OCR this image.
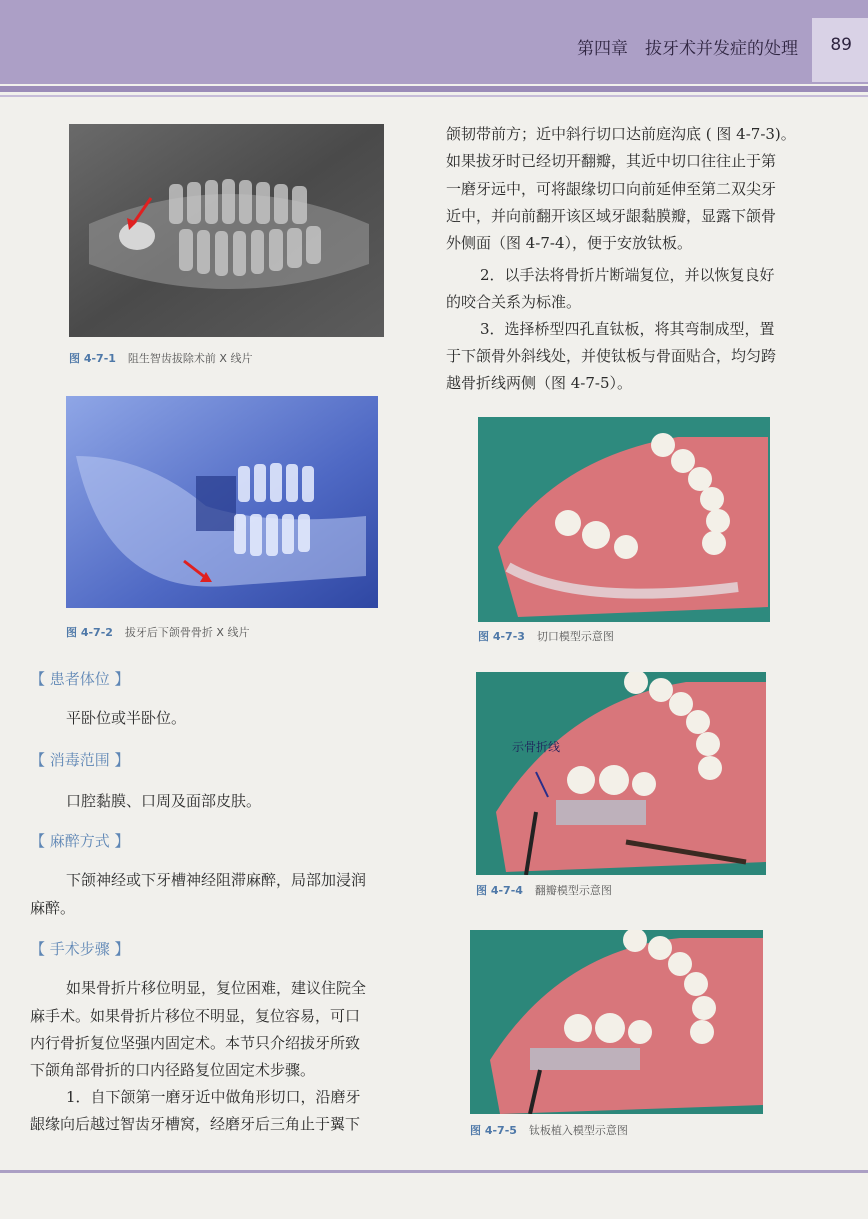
第四章　拔牙术并发症的处理 89
图 4-7-1 阻生智齿拔除术前 X 线片
图 4-7-2 拔牙后下颌骨骨折 X 线片
颌韧带前方；近中斜行切口达前庭沟底 ( 图 4-7-3)。
如果拔牙时已经切开翻瓣，其近中切口往往止于第
一磨牙远中，可将龈缘切口向前延伸至第二双尖牙
近中，并向前翻开该区域牙龈黏膜瓣，显露下颌骨
外侧面（图 4-7-4），便于安放钛板。
2．以手法将骨折片断端复位，并以恢复良好
的咬合关系为标准。
3．选择桥型四孔直钛板，将其弯制成型，置
于下颌骨外斜线处，并使钛板与骨面贴合，均匀跨
越骨折线两侧（图 4-7-5）。
图 4-7-3 切口模型示意图
示骨折线
图 4-7-4 翻瓣模型示意图
图 4-7-5 钛板植入模型示意图
【 患者体位 】
平卧位或半卧位。
【 消毒范围 】
口腔黏膜、口周及面部皮肤。
【 麻醉方式 】
下颌神经或下牙槽神经阻滞麻醉，局部加浸润
麻醉。
【 手术步骤 】
如果骨折片移位明显，复位困难，建议住院全
麻手术。如果骨折片移位不明显，复位容易，可口
内行骨折复位坚强内固定术。本节只介绍拔牙所致
下颌角部骨折的口内径路复位固定术步骤。
1．自下颌第一磨牙近中做角形切口，沿磨牙
龈缘向后越过智齿牙槽窝，经磨牙后三角止于翼下
